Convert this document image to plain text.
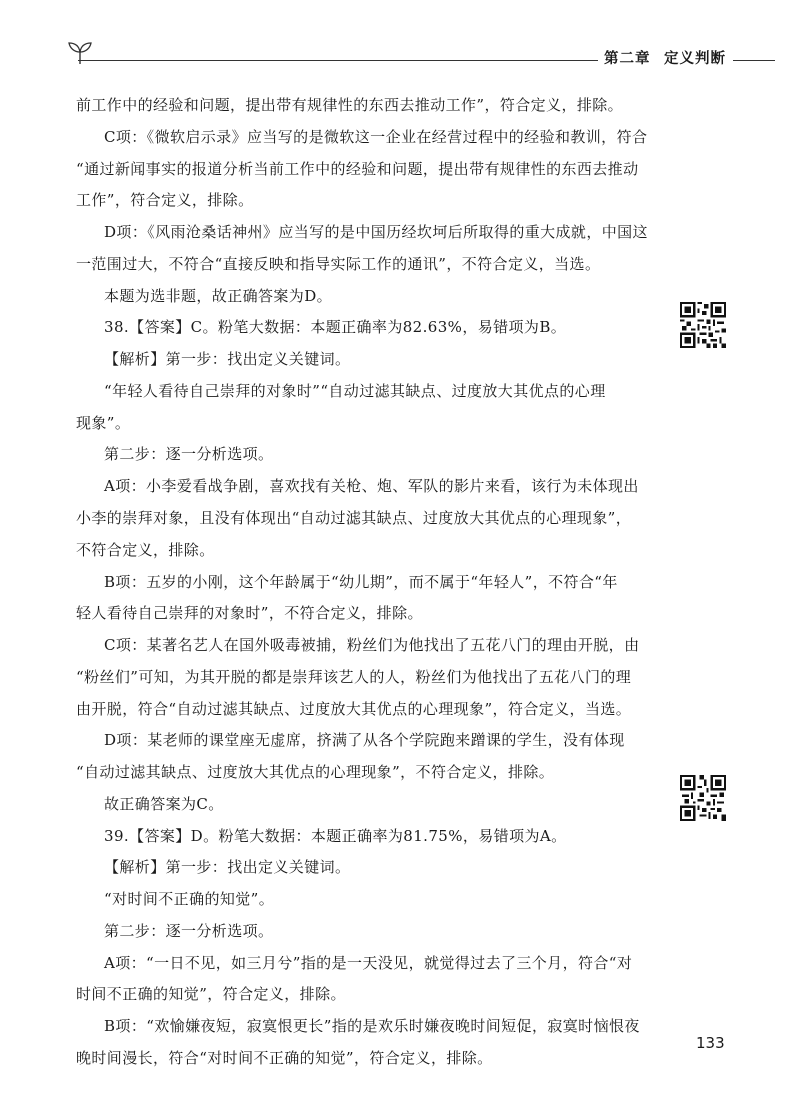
第二章 定义判断
前工作中的经验和问题，提出带有规律性的东西去推动工作”，符合定义，排除。
C项：《微软启示录》应当写的是微软这一企业在经营过程中的经验和教训，符合
“通过新闻事实的报道分析当前工作中的经验和问题，提出带有规律性的东西去推动
工作”，符合定义，排除。
D项：《风雨沧桑话神州》应当写的是中国历经坎坷后所取得的重大成就，中国这
一范围过大，不符合“直接反映和指导实际工作的通讯”，不符合定义，当选。
本题为选非题，故正确答案为D。
38.【答案】C。粉笔大数据：本题正确率为82.63%，易错项为B。
【解析】第一步：找出定义关键词。
“年轻人看待自己崇拜的对象时”“自动过滤其缺点、过度放大其优点的心理
现象”。
第二步：逐一分析选项。
A项：小李爱看战争剧，喜欢找有关枪、炮、军队的影片来看，该行为未体现出
小李的崇拜对象，且没有体现出“自动过滤其缺点、过度放大其优点的心理现象”，
不符合定义，排除。
B项：五岁的小刚，这个年龄属于“幼儿期”，而不属于“年轻人”，不符合“年
轻人看待自己崇拜的对象时”，不符合定义，排除。
C项：某著名艺人在国外吸毒被捕，粉丝们为他找出了五花八门的理由开脱，由
“粉丝们”可知，为其开脱的都是崇拜该艺人的人，粉丝们为他找出了五花八门的理
由开脱，符合“自动过滤其缺点、过度放大其优点的心理现象”，符合定义，当选。
D项：某老师的课堂座无虚席，挤满了从各个学院跑来蹭课的学生，没有体现
“自动过滤其缺点、过度放大其优点的心理现象”，不符合定义，排除。
故正确答案为C。
39.【答案】D。粉笔大数据：本题正确率为81.75%，易错项为A。
【解析】第一步：找出定义关键词。
“对时间不正确的知觉”。
第二步：逐一分析选项。
A项：“一日不见，如三月兮”指的是一天没见，就觉得过去了三个月，符合“对
时间不正确的知觉”，符合定义，排除。
B项：“欢愉嫌夜短，寂寞恨更长”指的是欢乐时嫌夜晚时间短促，寂寞时恼恨夜
晚时间漫长，符合“对时间不正确的知觉”，符合定义，排除。
133
